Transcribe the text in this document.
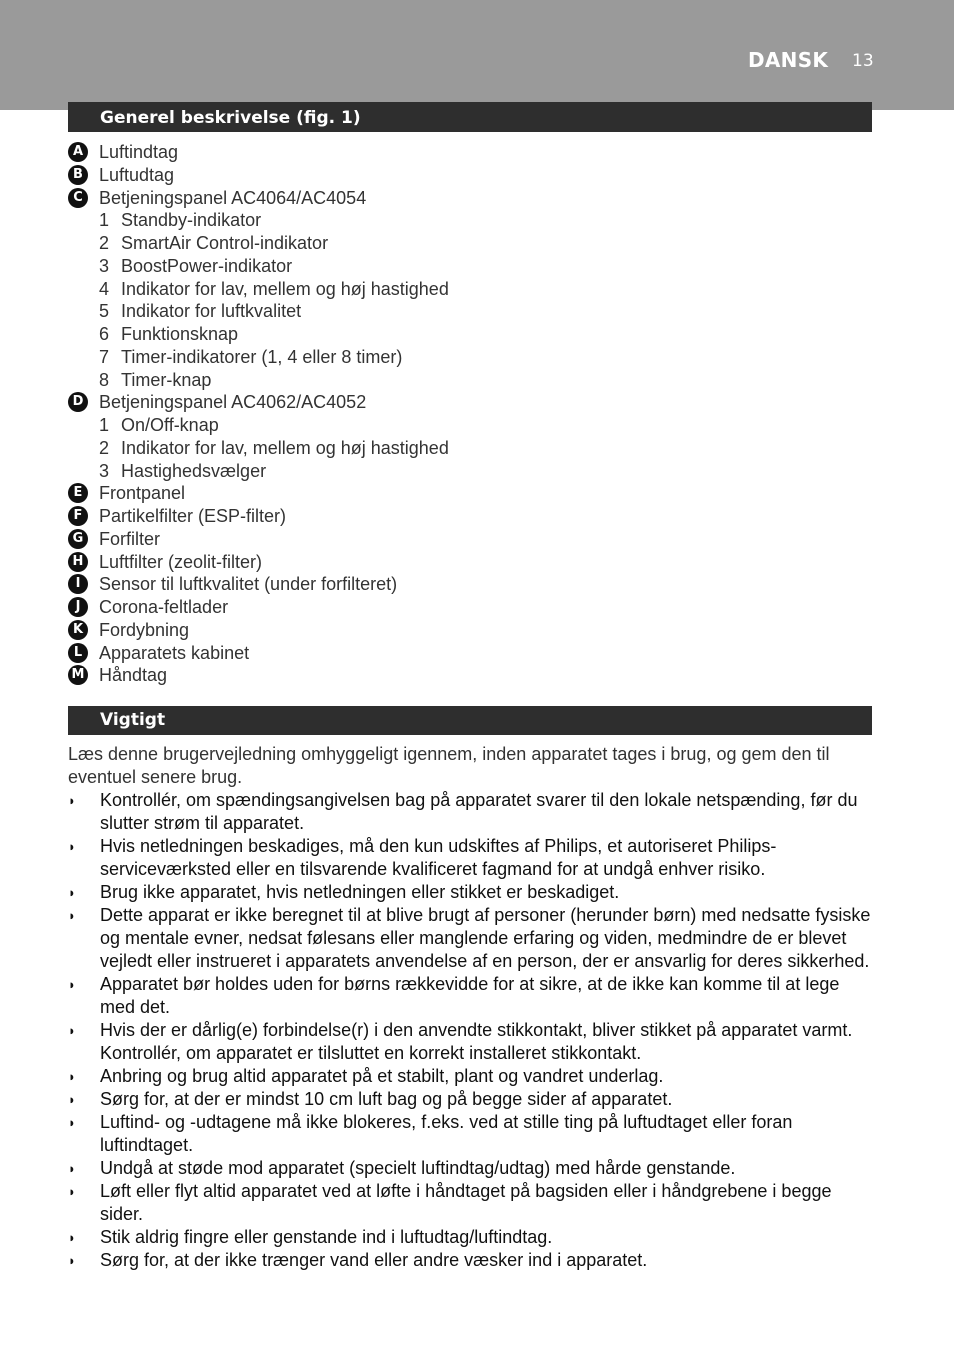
DANSK 13
Generel beskrivelse (fig. 1)
A Luftindtag
B Luftudtag
C Betjeningspanel AC4064/AC4054
1 Standby-indikator
2 SmartAir Control-indikator
3 BoostPower-indikator
4 Indikator for lav, mellem og høj hastighed
5 Indikator for luftkvalitet
6 Funktionsknap
7 Timer-indikatorer (1, 4 eller 8 timer)
8 Timer-knap
D Betjeningspanel AC4062/AC4052
1 On/Off-knap
2 Indikator for lav, mellem og høj hastighed
3 Hastighedsvælger
E Frontpanel
F Partikelfilter (ESP-filter)
G Forfilter
H Luftfilter (zeolit-filter)
I	Sensor til luftkvalitet (under forfilteret)
J	Corona-feltlader
K Fordybning
L Apparatets kabinet
M Håndtag
Vigtigt
Læs denne brugervejledning omhyggeligt igennem, inden apparatet tages i brug, og gem den til eventuel senere brug.
◗ Kontrollér, om spændingsangivelsen bag på apparatet svarer til den lokale netspænding, før du slutter strøm til apparatet.
◗ Hvis netledningen beskadiges, må den kun udskiftes af Philips, et autoriseret Philips-serviceværksted eller en tilsvarende kvalificeret fagmand for at undgå enhver risiko.
◗ Brug ikke apparatet, hvis netledningen eller stikket er beskadiget.
◗ Dette apparat er ikke beregnet til at blive brugt af personer (herunder børn) med nedsatte fysiske og mentale evner, nedsat følesans eller manglende erfaring og viden, medmindre de er blevet vejledt eller instrueret i apparatets anvendelse af en person, der er ansvarlig for deres sikkerhed.
◗ Apparatet bør holdes uden for børns rækkevidde for at sikre, at de ikke kan komme til at lege med det.
◗ Hvis der er dårlig(e) forbindelse(r) i den anvendte stikkontakt, bliver stikket på apparatet varmt. Kontrollér, om apparatet er tilsluttet en korrekt installeret stikkontakt.
◗ Anbring og brug altid apparatet på et stabilt, plant og vandret underlag.
◗ Sørg for, at der er mindst 10 cm luft bag og på begge sider af apparatet.
◗ Luftind- og -udtagene må ikke blokeres, f.eks. ved at stille ting på luftudtaget eller foran luftindtaget.
◗ Undgå at støde mod apparatet (specielt luftindtag/udtag) med hårde genstande.
◗ Løft eller flyt altid apparatet ved at løfte i håndtaget på bagsiden eller i håndgrebene i begge sider.
◗ Stik aldrig fingre eller genstande ind i luftudtag/luftindtag.
◗ Sørg for, at der ikke trænger vand eller andre væsker ind i apparatet.
